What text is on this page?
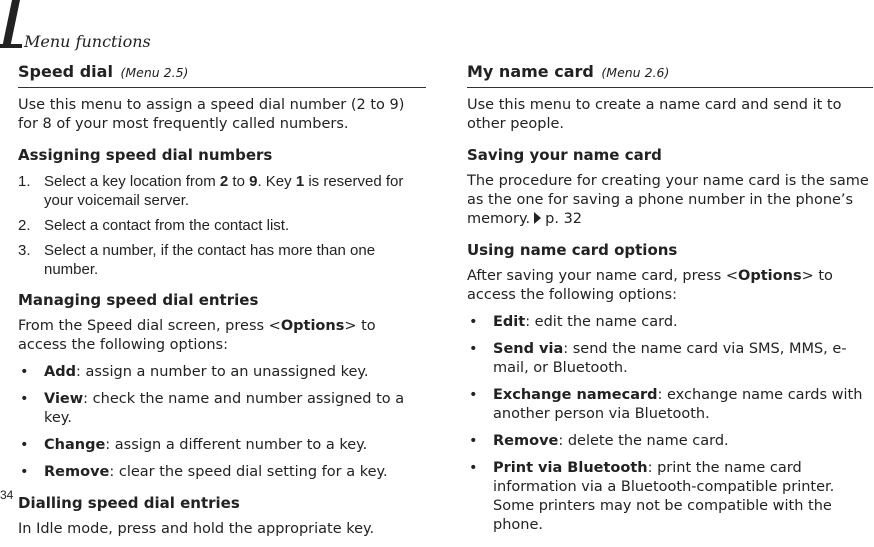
Menu functions
Speed dial (Menu 2.5)

Use this menu to assign a speed dial number (2 to 9) for 8 of your most frequently called numbers.

Assigning speed dial numbers
1. Select a key location from 2 to 9. Key 1 is reserved for your voicemail server.
2. Select a contact from the contact list.
3. Select a number, if the contact has more than one number.
Managing speed dial entries

From the Speed dial screen, press <Options> to access the following options:

• Add: assign a number to an unassigned key.
• View: check the name and number assigned to a key.
• Change: assign a different number to a key.
• Remove: clear the speed dial setting for a key.
Dialling speed dial entries

In Idle mode, press and hold the appropriate key.

My name card (Menu 2.6)

Use this menu to create a name card and send it to other people.

Saving your name card

The procedure for creating your name card is the same as the one for saving a phone number in the phone’s memory. p. 32

Using name card options

After saving your name card, press <Options> to access the following options:

• Edit: edit the name card.
• Send via: send the name card via SMS, MMS, e-mail, or Bluetooth.
• Exchange namecard: exchange name cards with another person via Bluetooth.
• Remove: delete the name card.
• Print via Bluetooth: print the name card information via a Bluetooth-compatible printer. Some printers may not be compatible with the phone.
34
